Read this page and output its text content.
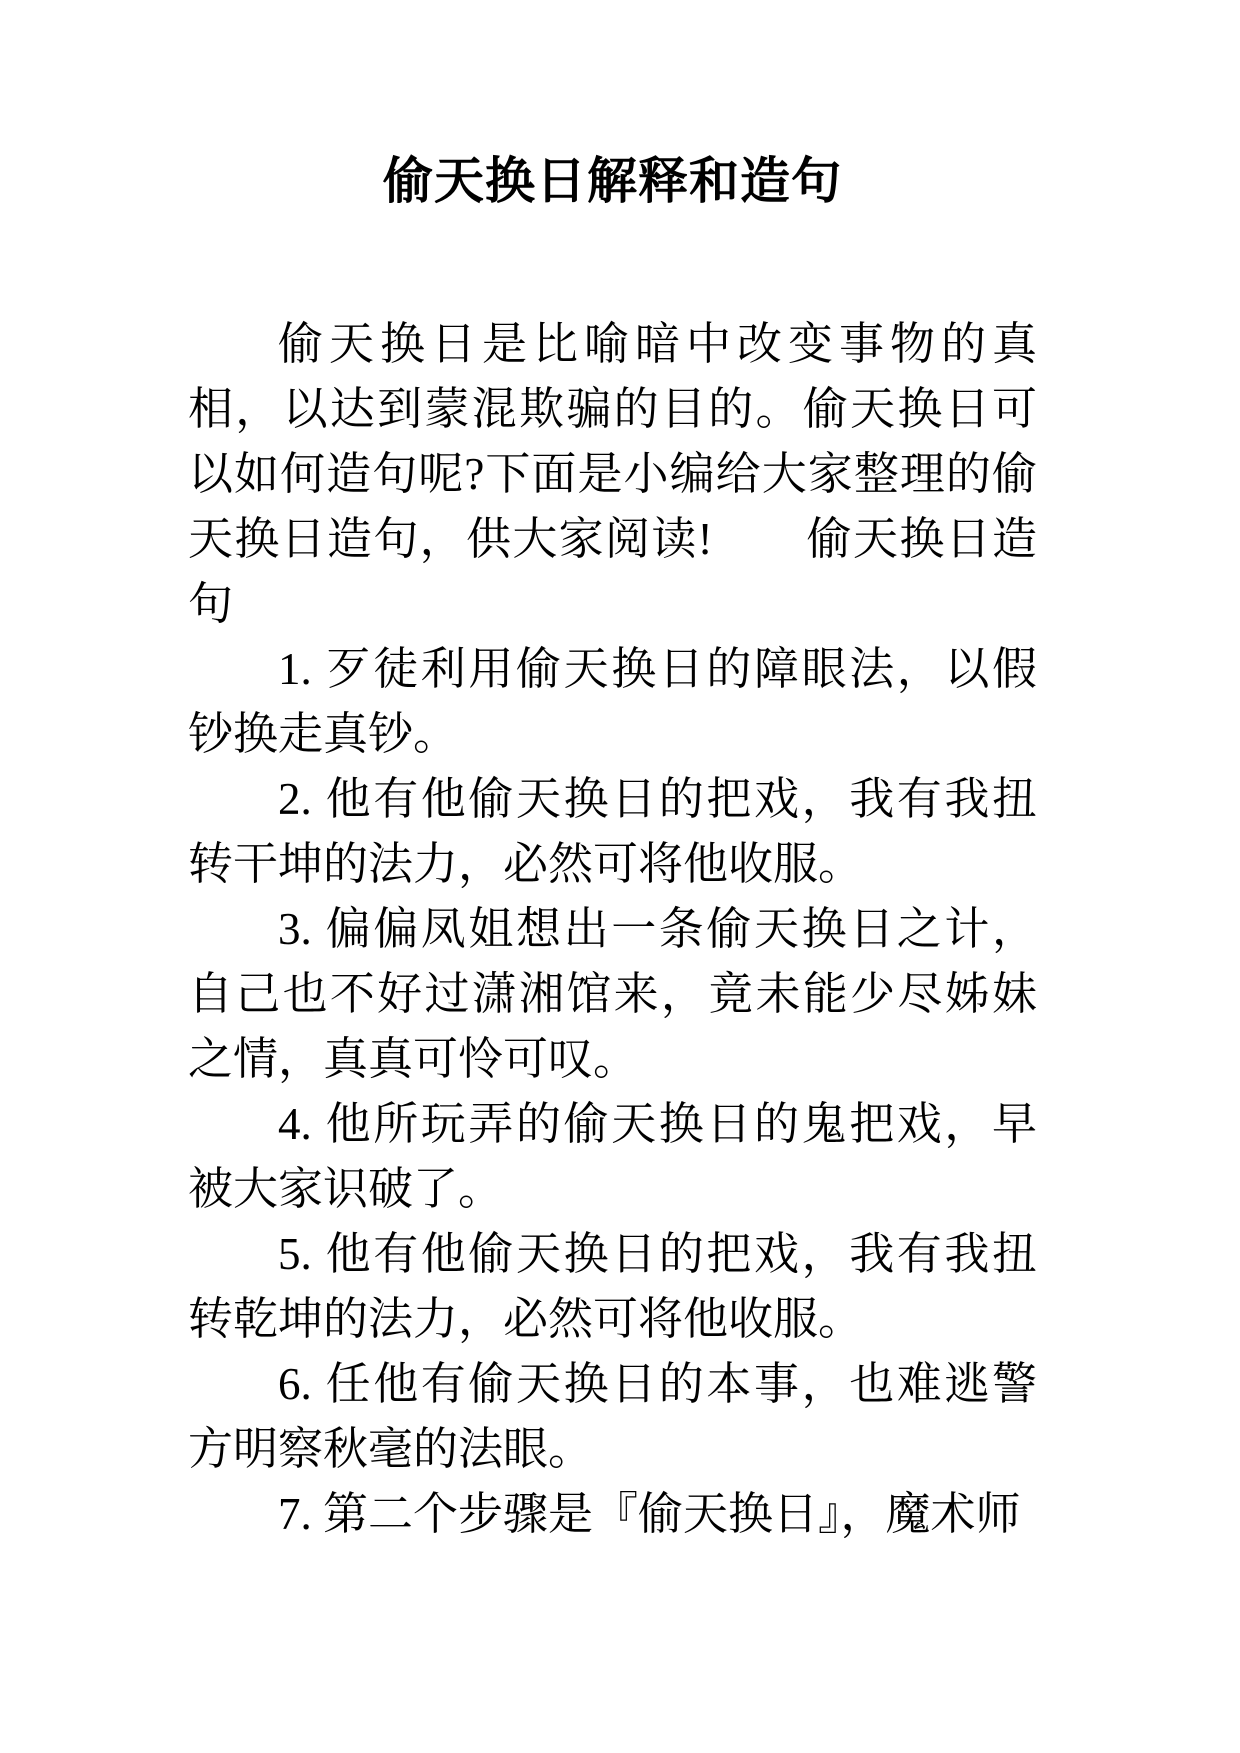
偷天换日解释和造句

偷天换日是比喻暗中改变事物的真相，以达到蒙混欺骗的目的。偷天换日可以如何造句呢?下面是小编给大家整理的偷天换日造句，供大家阅读!　　偷天换日造句

1. 歹徒利用偷天换日的障眼法，以假钞换走真钞。

2. 他有他偷天换日的把戏，我有我扭转干坤的法力，必然可将他收服。

3. 偏偏凤姐想出一条偷天换日之计，自己也不好过潇湘馆来，竟未能少尽姊妹之情，真真可怜可叹。

4. 他所玩弄的偷天换日的鬼把戏，早被大家识破了。

5. 他有他偷天换日的把戏，我有我扭转乾坤的法力，必然可将他收服。

6. 任他有偷天换日的本事，也难逃警方明察秋毫的法眼。

7. 第二个步骤是『偷天换日』，魔术师
